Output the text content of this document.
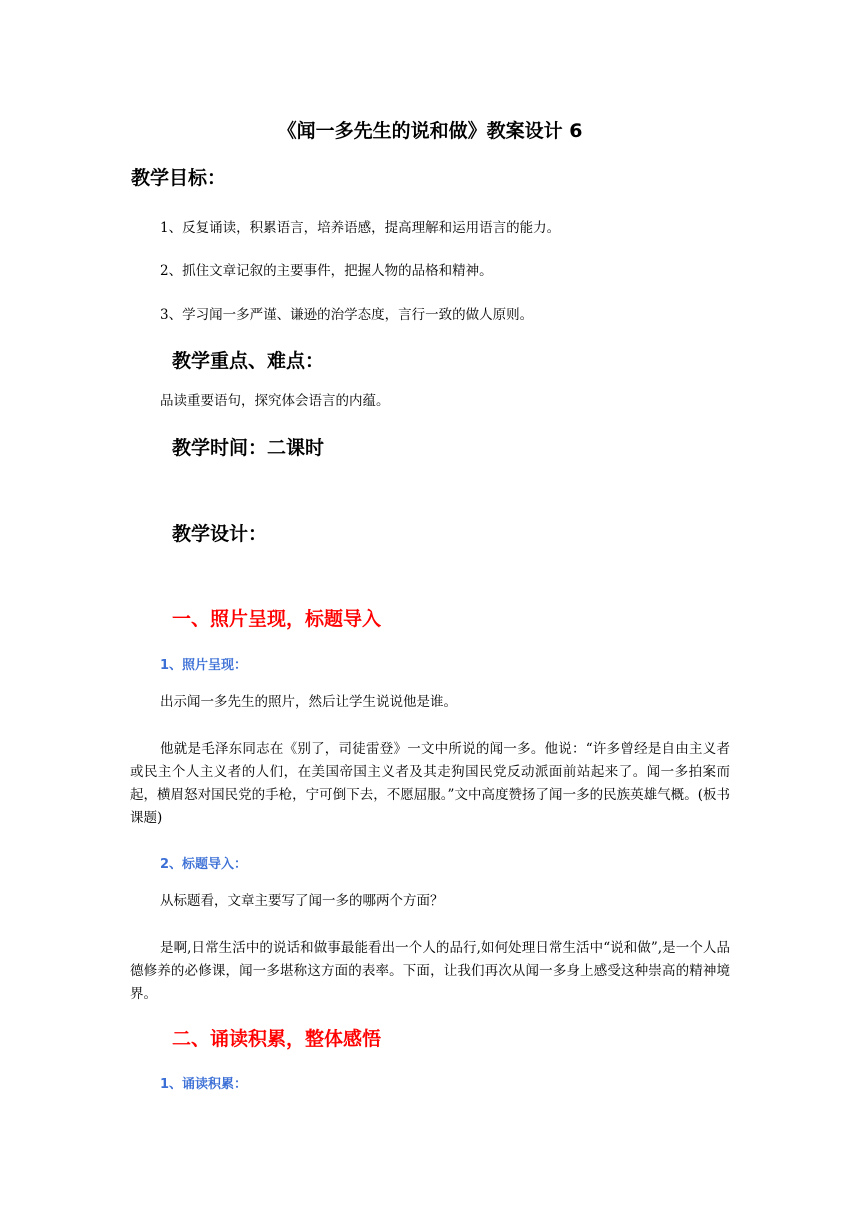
《闻一多先生的说和做》教案设计 6
教学目标：
1、反复诵读，积累语言，培养语感，提高理解和运用语言的能力。
2、抓住文章记叙的主要事件，把握人物的品格和精神。
3、学习闻一多严谨、谦逊的治学态度，言行一致的做人原则。
教学重点、难点：
品读重要语句，探究体会语言的内蕴。
教学时间：二课时
教学设计：
一、照片呈现，标题导入
1、照片呈现：
出示闻一多先生的照片，然后让学生说说他是谁。
他就是毛泽东同志在《别了，司徒雷登》一文中所说的闻一多。他说：“许多曾经是自由主义者或民主个人主义者的人们，在美国帝国主义者及其走狗国民党反动派面前站起来了。闻一多拍案而起，横眉怒对国民党的手枪，宁可倒下去，不愿屈服。”文中高度赞扬了闻一多的民族英雄气概。(板书课题)
2、标题导入：
从标题看，文章主要写了闻一多的哪两个方面？
是啊,日常生活中的说话和做事最能看出一个人的品行,如何处理日常生活中“说和做”,是一个人品德修养的必修课，闻一多堪称这方面的表率。下面，让我们再次从闻一多身上感受这种崇高的精神境界。
二、诵读积累，整体感悟
1、诵读积累：
